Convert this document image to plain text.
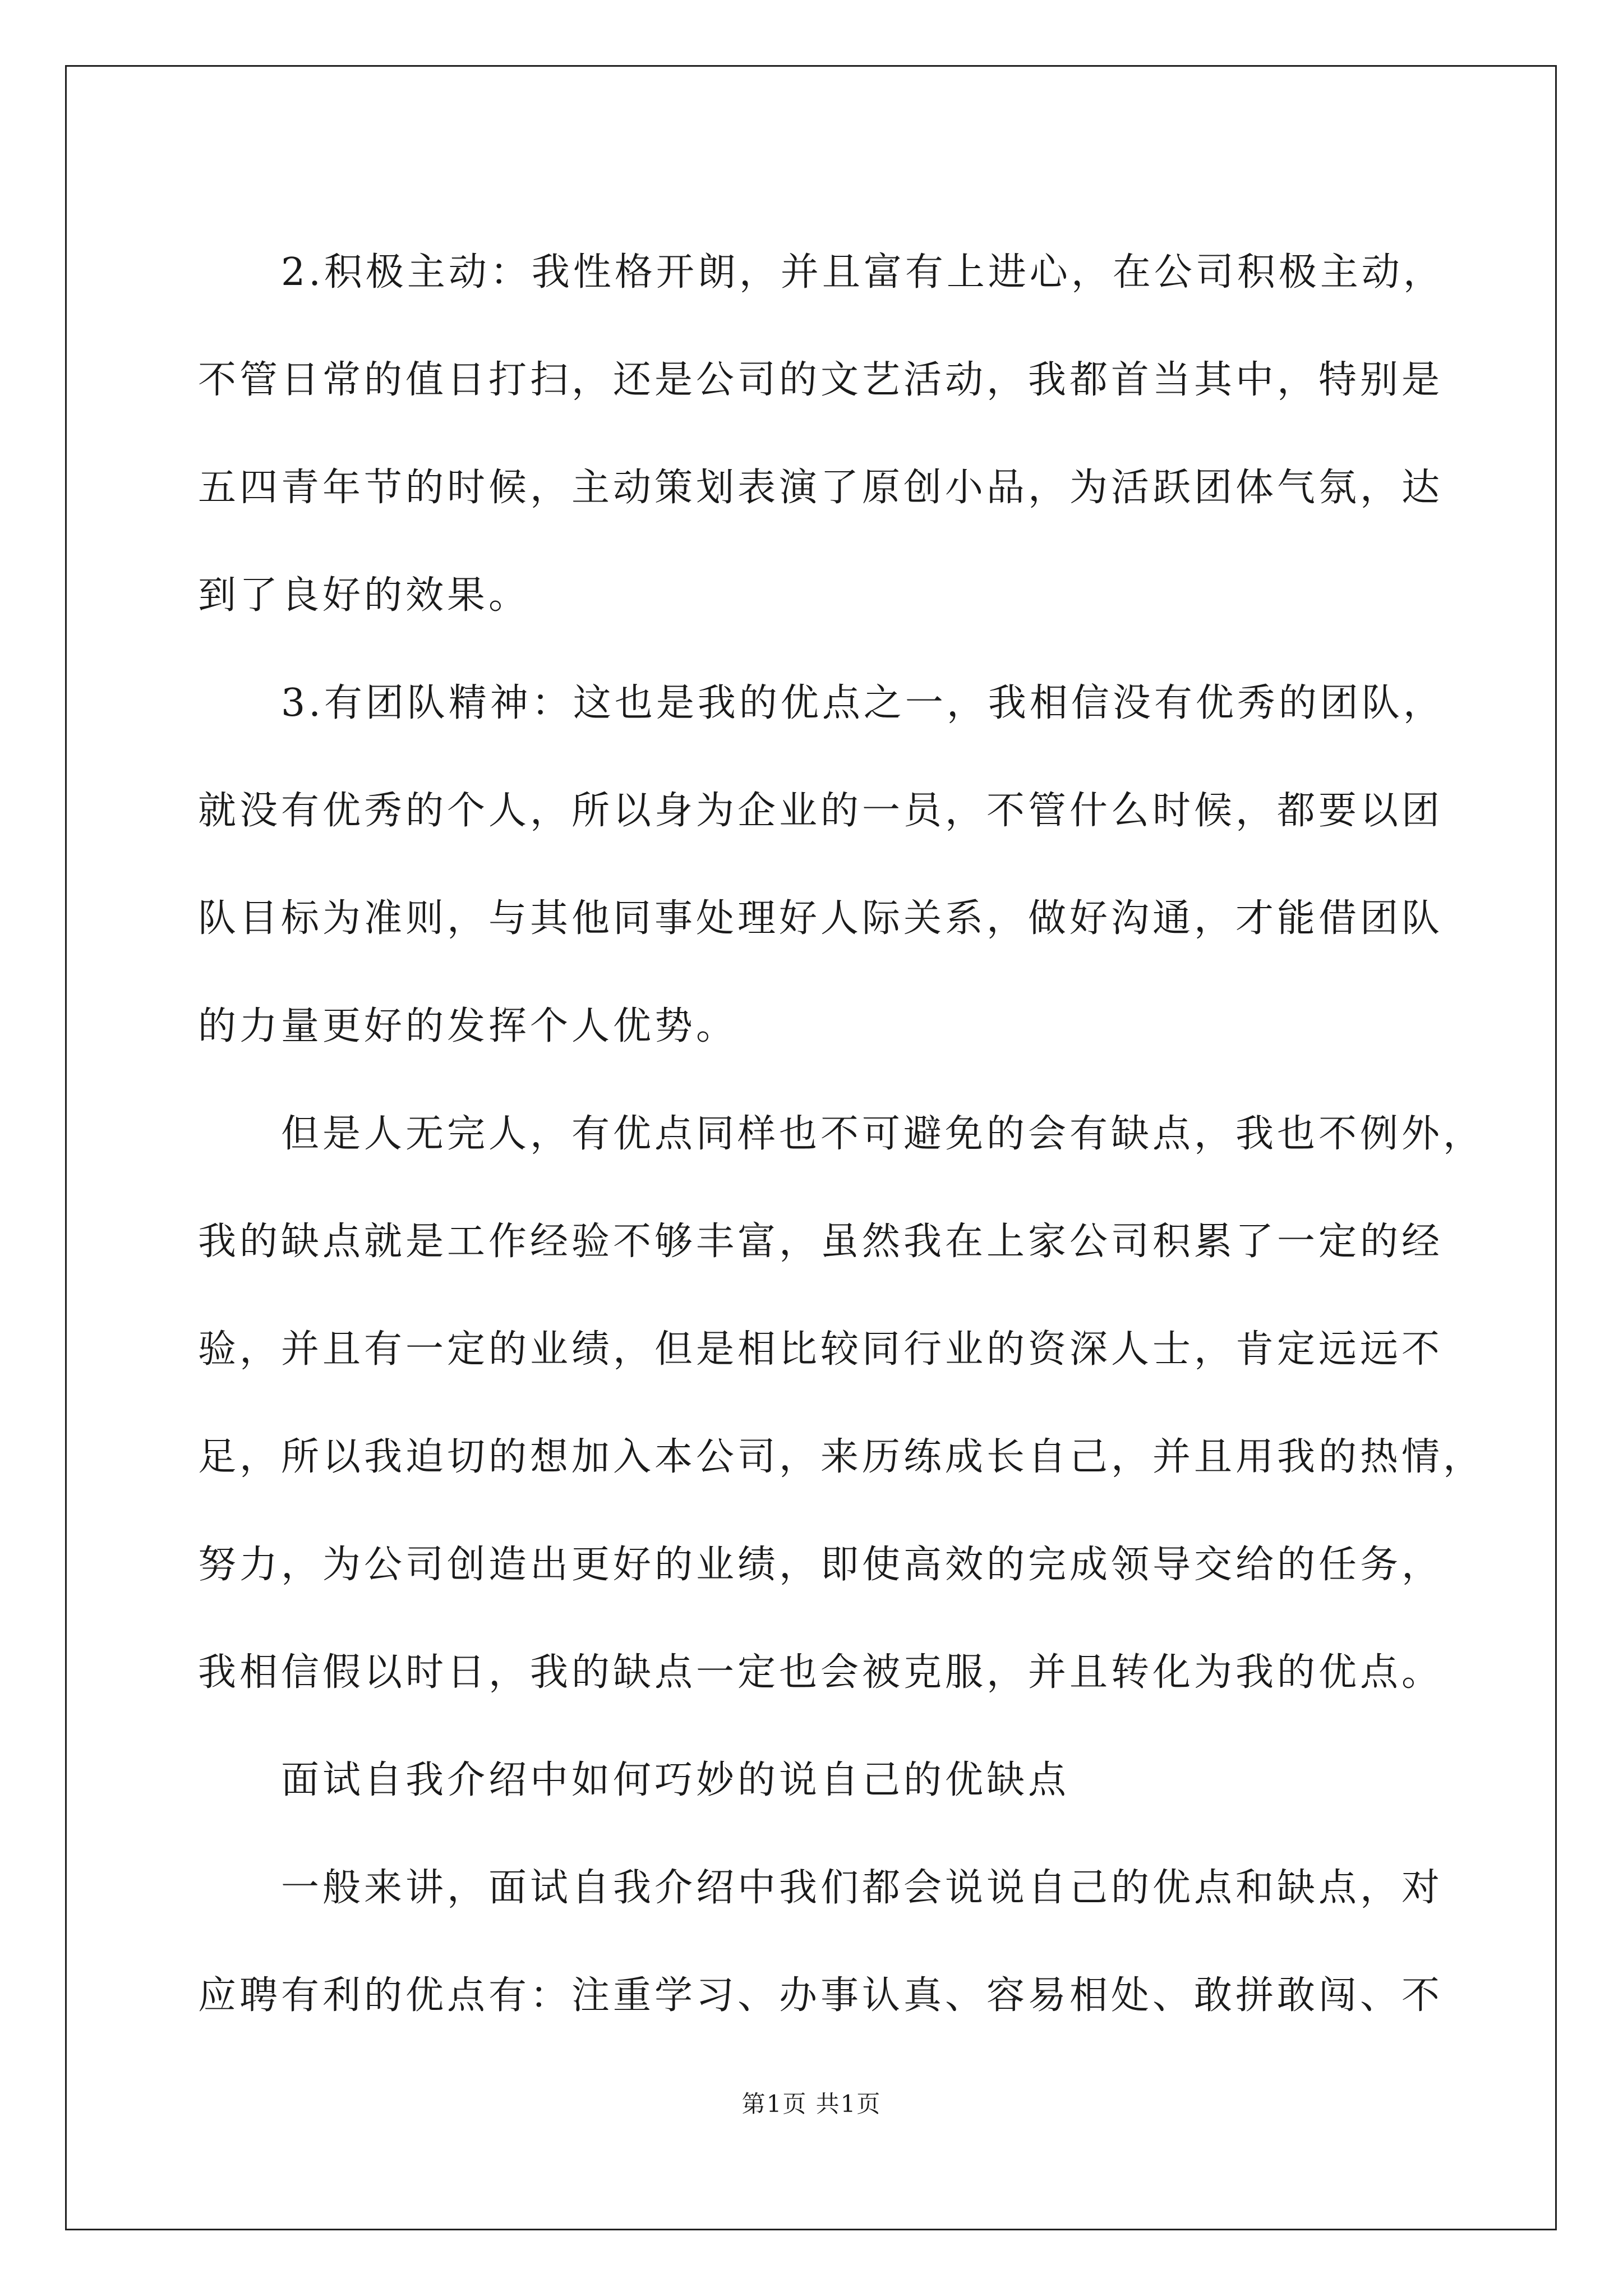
2.积极主动：我性格开朗，并且富有上进心，在公司积极主动，
不管日常的值日打扫，还是公司的文艺活动，我都首当其中，特别是
五四青年节的时候，主动策划表演了原创小品，为活跃团体气氛，达
到了良好的效果。
3.有团队精神：这也是我的优点之一，我相信没有优秀的团队，
就没有优秀的个人，所以身为企业的一员，不管什么时候，都要以团
队目标为准则，与其他同事处理好人际关系，做好沟通，才能借团队
的力量更好的发挥个人优势。
但是人无完人，有优点同样也不可避免的会有缺点，我也不例外，
我的缺点就是工作经验不够丰富，虽然我在上家公司积累了一定的经
验，并且有一定的业绩，但是相比较同行业的资深人士，肯定远远不
足，所以我迫切的想加入本公司，来历练成长自己，并且用我的热情，
努力，为公司创造出更好的业绩，即使高效的完成领导交给的任务，
我相信假以时日，我的缺点一定也会被克服，并且转化为我的优点。
面试自我介绍中如何巧妙的说自己的优缺点
一般来讲，面试自我介绍中我们都会说说自己的优点和缺点，对
应聘有利的优点有：注重学习、办事认真、容易相处、敢拼敢闯、不
第1页 共1页
